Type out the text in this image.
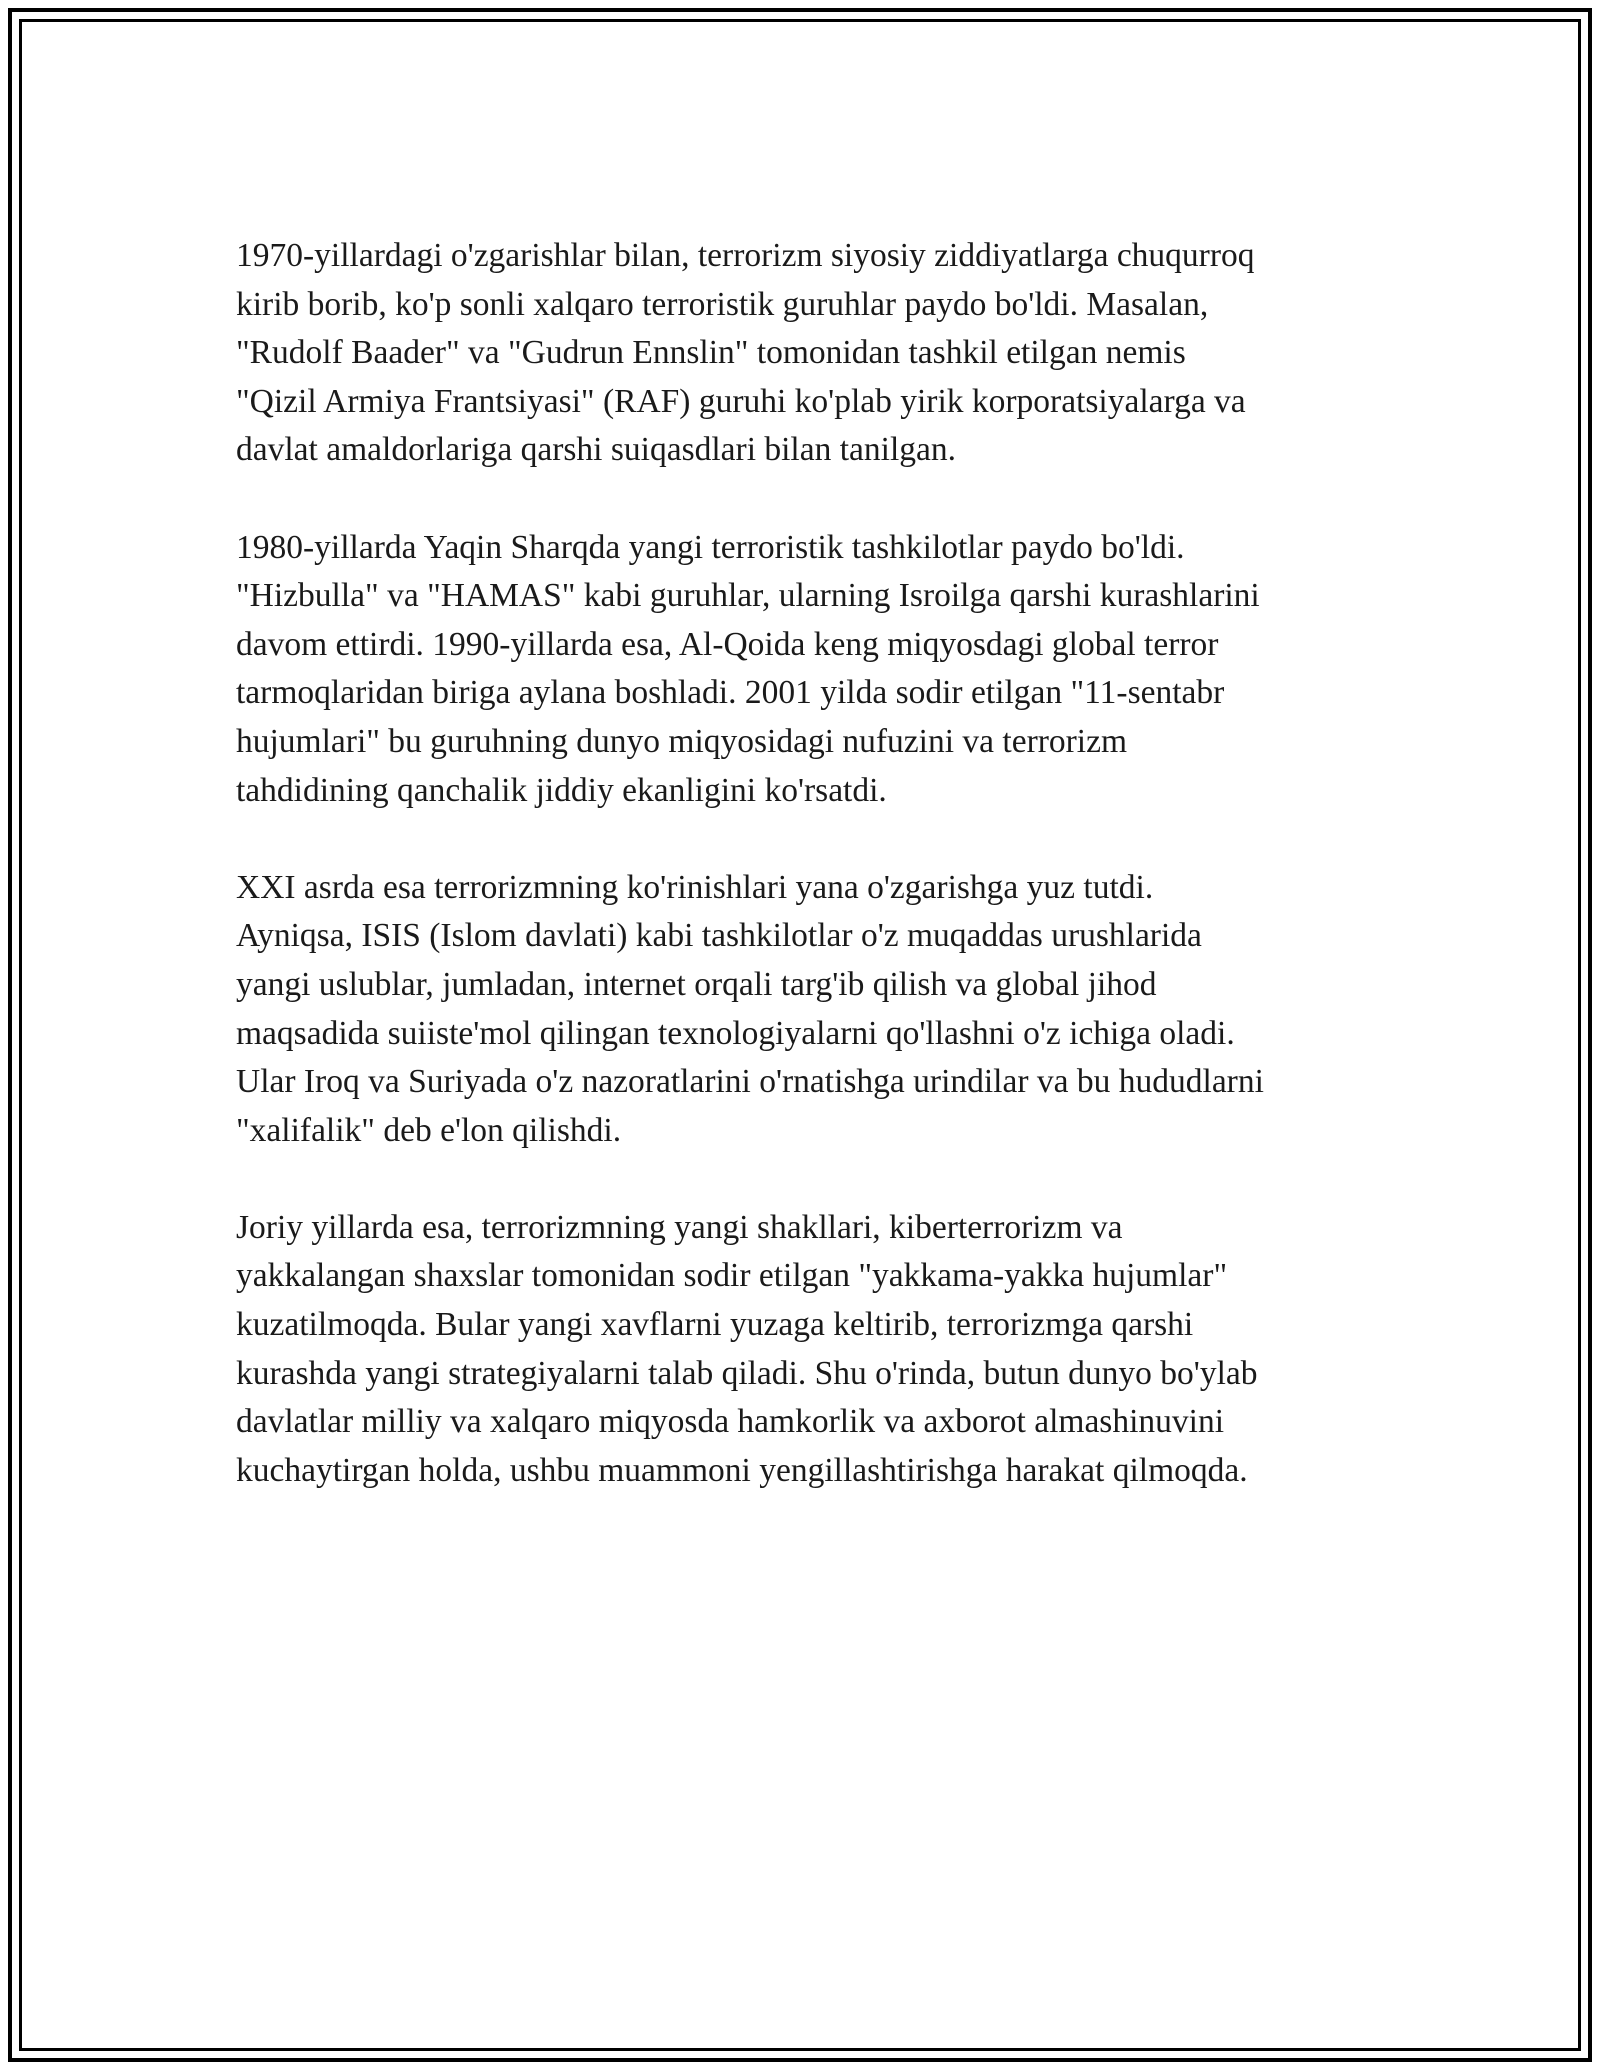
1970-yillardagi o'zgarishlar bilan, terrorizm siyosiy ziddiyatlarga chuqurroq
kirib borib, ko'p sonli xalqaro terroristik guruhlar paydo bo'ldi. Masalan,
"Rudolf Baader" va "Gudrun Ennslin" tomonidan tashkil etilgan nemis
"Qizil Armiya Frantsiyasi" (RAF) guruhi ko'plab yirik korporatsiyalarga va
davlat amaldorlariga qarshi suiqasdlari bilan tanilgan.

1980-yillarda Yaqin Sharqda yangi terroristik tashkilotlar paydo bo'ldi.
"Hizbulla" va "HAMAS" kabi guruhlar, ularning Isroilga qarshi kurashlarini
davom ettirdi. 1990-yillarda esa, Al-Qoida keng miqyosdagi global terror
tarmoqlaridan biriga aylana boshladi. 2001 yilda sodir etilgan "11-sentabr
hujumlari" bu guruhning dunyo miqyosidagi nufuzini va terrorizm
tahdidining qanchalik jiddiy ekanligini ko'rsatdi.

XXI asrda esa terrorizmning ko'rinishlari yana o'zgarishga yuz tutdi.
Ayniqsa, ISIS (Islom davlati) kabi tashkilotlar o'z muqaddas urushlarida
yangi uslublar, jumladan, internet orqali targ'ib qilish va global jihod
maqsadida suiiste'mol qilingan texnologiyalarni qo'llashni o'z ichiga oladi.
Ular Iroq va Suriyada o'z nazoratlarini o'rnatishga urindilar va bu hududlarni
"xalifalik" deb e'lon qilishdi.

Joriy yillarda esa, terrorizmning yangi shakllari, kiberterrorizm va
yakkalangan shaxslar tomonidan sodir etilgan "yakkama-yakka hujumlar"
kuzatilmoqda. Bular yangi xavflarni yuzaga keltirib, terrorizmga qarshi
kurashda yangi strategiyalarni talab qiladi. Shu o'rinda, butun dunyo bo'ylab
davlatlar milliy va xalqaro miqyosda hamkorlik va axborot almashinuvini
kuchaytirgan holda, ushbu muammoni yengillashtirishga harakat qilmoqda.
